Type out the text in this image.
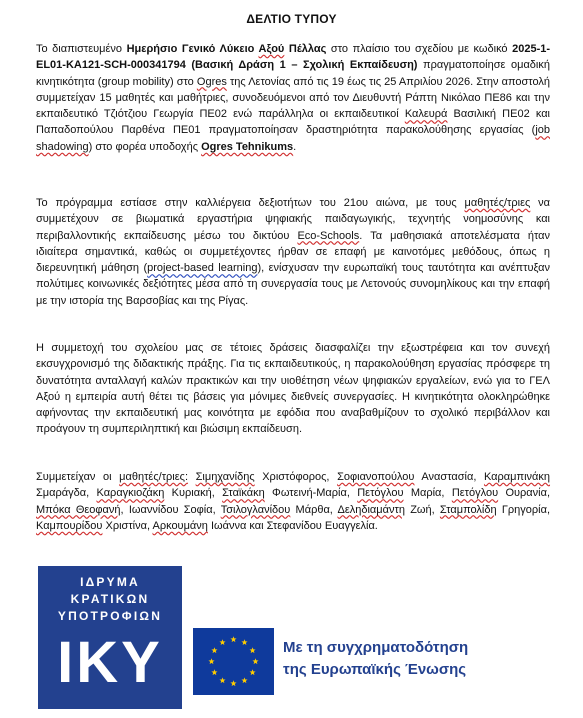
ΔΕΛΤΙΟ ΤΥΠΟΥ
Το διαπιστευμένο Ημερήσιο Γενικό Λύκειο Αξού Πέλλας στο πλαίσιο του σχεδίου με κωδικό 2025-1-EL01-KA121-SCH-000341794 (Βασική Δράση 1 – Σχολική Εκπαίδευση) πραγματοποίησε ομαδική κινητικότητα (group mobility) στο Ogres της Λετονίας από τις 19 έως τις 25 Απριλίου 2026. Στην αποστολή συμμετείχαν 15 μαθητές και μαθήτριες, συνοδευόμενοι από τον Διευθυντή Ράπτη Νικόλαο ΠΕ86 και την εκπαιδευτικό Τζιότζιου Γεωργία ΠΕ02 ενώ παράλληλα οι εκπαιδευτικοί Καλευρά Βασιλική ΠΕ02 και Παπαδοπούλου Παρθένα ΠΕ01 πραγματοποίησαν δραστηριότητα παρακολούθησης εργασίας (job shadowing) στο φορέα υποδοχής Ogres Tehnikums.
Το πρόγραμμα εστίασε στην καλλιέργεια δεξιοτήτων του 21ου αιώνα, με τους μαθητές/τριες να συμμετέχουν σε βιωματικά εργαστήρια ψηφιακής παιδαγωγικής, τεχνητής νοημοσύνης και περιβαλλοντικής εκπαίδευσης μέσω του δικτύου Eco-Schools. Τα μαθησιακά αποτελέσματα ήταν ιδιαίτερα σημαντικά, καθώς οι συμμετέχοντες ήρθαν σε επαφή με καινοτόμες μεθόδους, όπως η διερευνητική μάθηση (project-based learning), ενίσχυσαν την ευρωπαϊκή τους ταυτότητα και ανέπτυξαν πολύτιμες κοινωνικές δεξιότητες μέσα από τη συνεργασία τους με Λετονούς συνομηλίκους και την επαφή με την ιστορία της Βαρσοβίας και της Ρίγας.
Η συμμετοχή του σχολείου μας σε τέτοιες δράσεις διασφαλίζει την εξωστρέφεια και τον συνεχή εκσυγχρονισμό της διδακτικής πράξης. Για τις εκπαιδευτικούς, η παρακολούθηση εργασίας πρόσφερε τη δυνατότητα ανταλλαγή καλών πρακτικών και την υιοθέτηση νέων ψηφιακών εργαλείων, ενώ για το ΓΕΛ Αξού η εμπειρία αυτή θέτει τις βάσεις για μόνιμες διεθνείς συνεργασίες. Η κινητικότητα ολοκληρώθηκε αφήνοντας την εκπαιδευτική μας κοινότητα με εφόδια που αναβαθμίζουν το σχολικό περιβάλλον και προάγουν τη συμπεριληπτική και βιώσιμη εκπαίδευση.
Συμμετείχαν οι μαθητές/τριες: Σιμηχανίδης Χριστόφορος, Σοφιανοπούλου Αναστασία, Καραμπινάκη Σμαράγδα, Καραγκιοζάκη Κυριακή, Σταϊκάκη Φωτεινή-Μαρία, Πετόγλου Μαρία, Πετόγλου Ουρανία, Μπόκα Θεοφανή, Ιωαννίδου Σοφία, Τσιλογλανίδου Μάρθα, Δεληδιαμάντη Ζωή, Σταμπολίδη Γρηγορία, Καμπουρίδου Χριστίνα, Αρκουμάνη Ιωάννα και Στεφανίδου Ευαγγελία.
ΙΔΡΥΜΑ
ΚΡΑΤΙΚΩΝ
ΥΠΟΤΡΟΦΙΩΝ
IKY	Με τη συγχρηματοδότηση
της Ευρωπαϊκής Ένωσης
